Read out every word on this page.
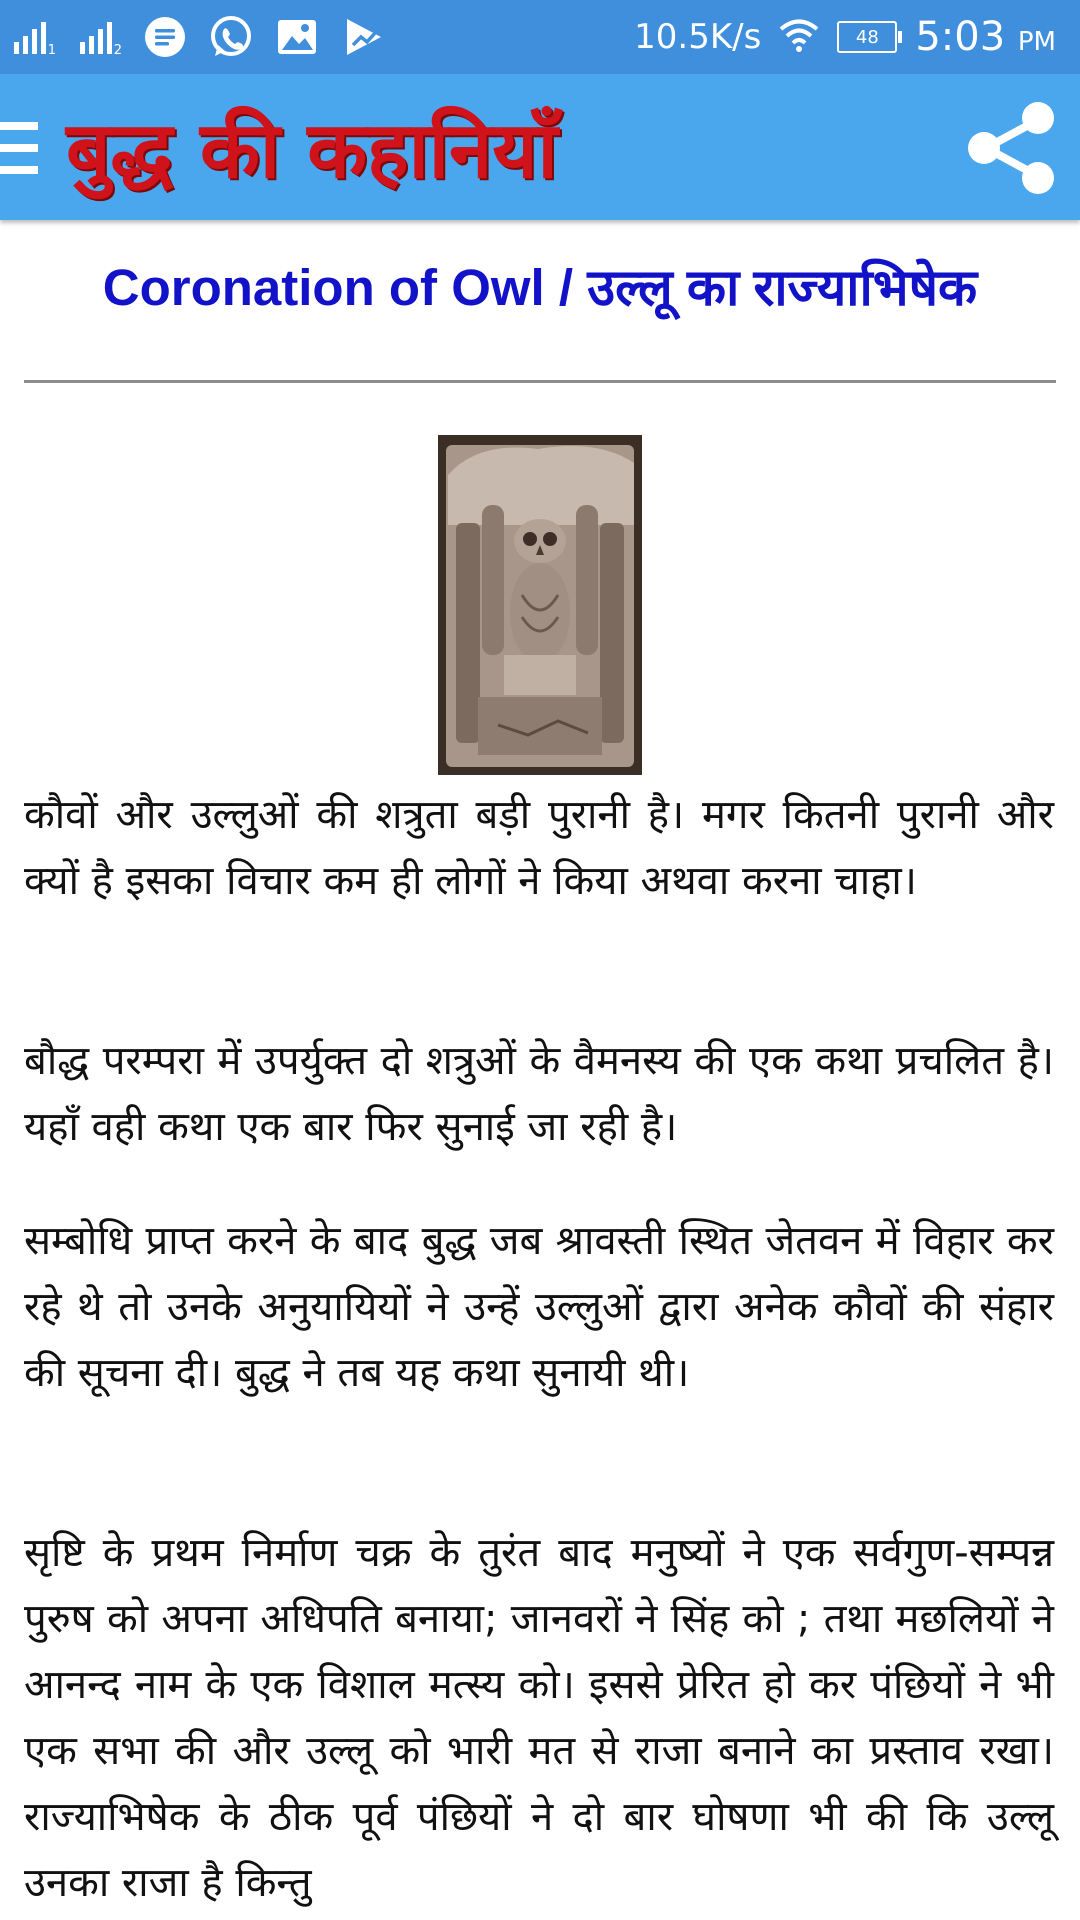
1	2	10.5K/s	48 5:03 PM
बुद्ध की कहानियाँ
Coronation of Owl / उल्लू का राज्याभिषेक

कौवों और उल्लुओं की शत्रुता बड़ी पुरानी है। मगर कितनी पुरानी और क्यों है इसका विचार कम ही लोगों ने किया अथवा करना चाहा।

बौद्ध परम्परा में उपर्युक्त दो शत्रुओं के वैमनस्य की एक कथा प्रचलित है। यहाँ वही कथा एक बार फिर सुनाई जा रही है।

सम्बोधि प्राप्त करने के बाद बुद्ध जब श्रावस्ती स्थित जेतवन में विहार कर रहे थे तो उनके अनुयायियों ने उन्हें उल्लुओं द्वारा अनेक कौवों की संहार की सूचना दी। बुद्ध ने तब यह कथा सुनायी थी।

सृष्टि के प्रथम निर्माण चक्र के तुरंत बाद मनुष्यों ने एक सर्वगुण-सम्पन्न पुरुष को अपना अधिपति बनाया; जानवरों ने सिंह को ; तथा मछलियों ने आनन्द नाम के एक विशाल मत्स्य को। इससे प्रेरित हो कर पंछियों ने भी एक सभा की और उल्लू को भारी मत से राजा बनाने का प्रस्ताव रखा। राज्याभिषेक के ठीक पूर्व पंछियों ने दो बार घोषणा भी की कि उल्लू उनका राजा है किन्तु
